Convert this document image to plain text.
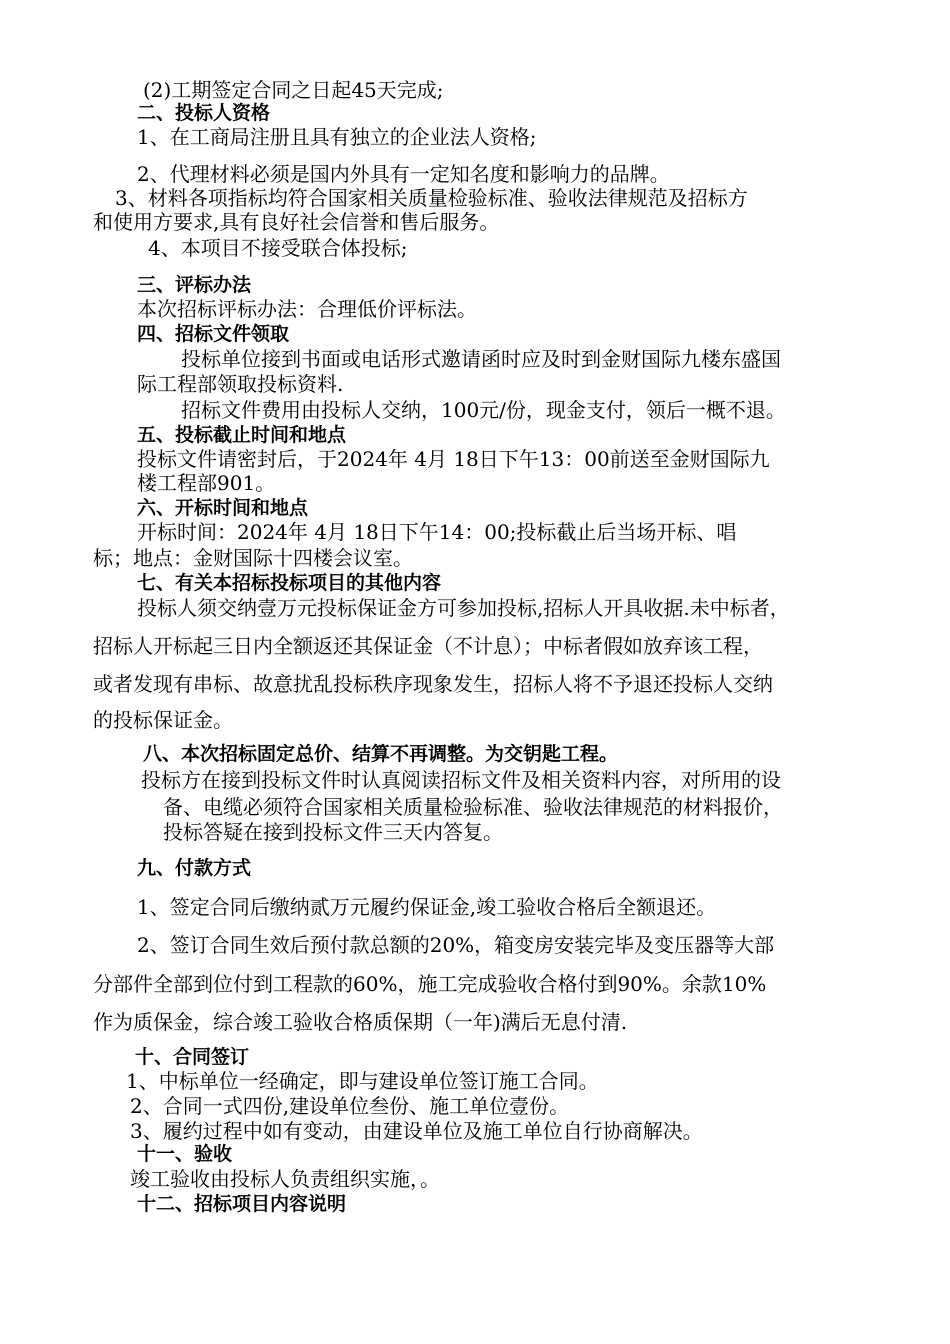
(2)工期签定合同之日起45天完成;
二、投标人资格
1、在工商局注册且具有独立的企业法人资格;
2、代理材料必须是国内外具有一定知名度和影响力的品牌。
3、材料各项指标均符合国家相关质量检验标准、验收法律规范及招标方
和使用方要求,具有良好社会信誉和售后服务。
4、本项目不接受联合体投标;
三、评标办法
本次招标评标办法：合理低价评标法。
四、招标文件领取
投标单位接到书面或电话形式邀请函时应及时到金财国际九楼东盛国
际工程部领取投标资料.
招标文件费用由投标人交纳，100元/份，现金支付，领后一概不退。
五、投标截止时间和地点
投标文件请密封后，于2024年 4月 18日下午13：00前送至金财国际九
楼工程部901。
六、开标时间和地点
开标时间：2024年 4月 18日下午14：00;投标截止后当场开标、唱
标；地点：金财国际十四楼会议室。
七、有关本招标投标项目的其他内容
投标人须交纳壹万元投标保证金方可参加投标,招标人开具收据.未中标者，
招标人开标起三日内全额返还其保证金（不计息）；中标者假如放弃该工程，
或者发现有串标、故意扰乱投标秩序现象发生，招标人将不予退还投标人交纳
的投标保证金。
八、本次招标固定总价、结算不再调整。为交钥匙工程。
投标方在接到投标文件时认真阅读招标文件及相关资料内容，对所用的设
备、电缆必须符合国家相关质量检验标准、验收法律规范的材料报价，
投标答疑在接到投标文件三天内答复。
九、付款方式
1、签定合同后缴纳贰万元履约保证金,竣工验收合格后全额退还。
2、签订合同生效后预付款总额的20%，箱变房安装完毕及变压器等大部
分部件全部到位付到工程款的60%，施工完成验收合格付到90%。余款10%
作为质保金，综合竣工验收合格质保期（一年)满后无息付清.
十、合同签订
1、中标单位一经确定，即与建设单位签订施工合同。
2、合同一式四份,建设单位叁份、施工单位壹份。
3、履约过程中如有变动，由建设单位及施工单位自行协商解决。
十一、验收
竣工验收由投标人负责组织实施，。
十二、招标项目内容说明
